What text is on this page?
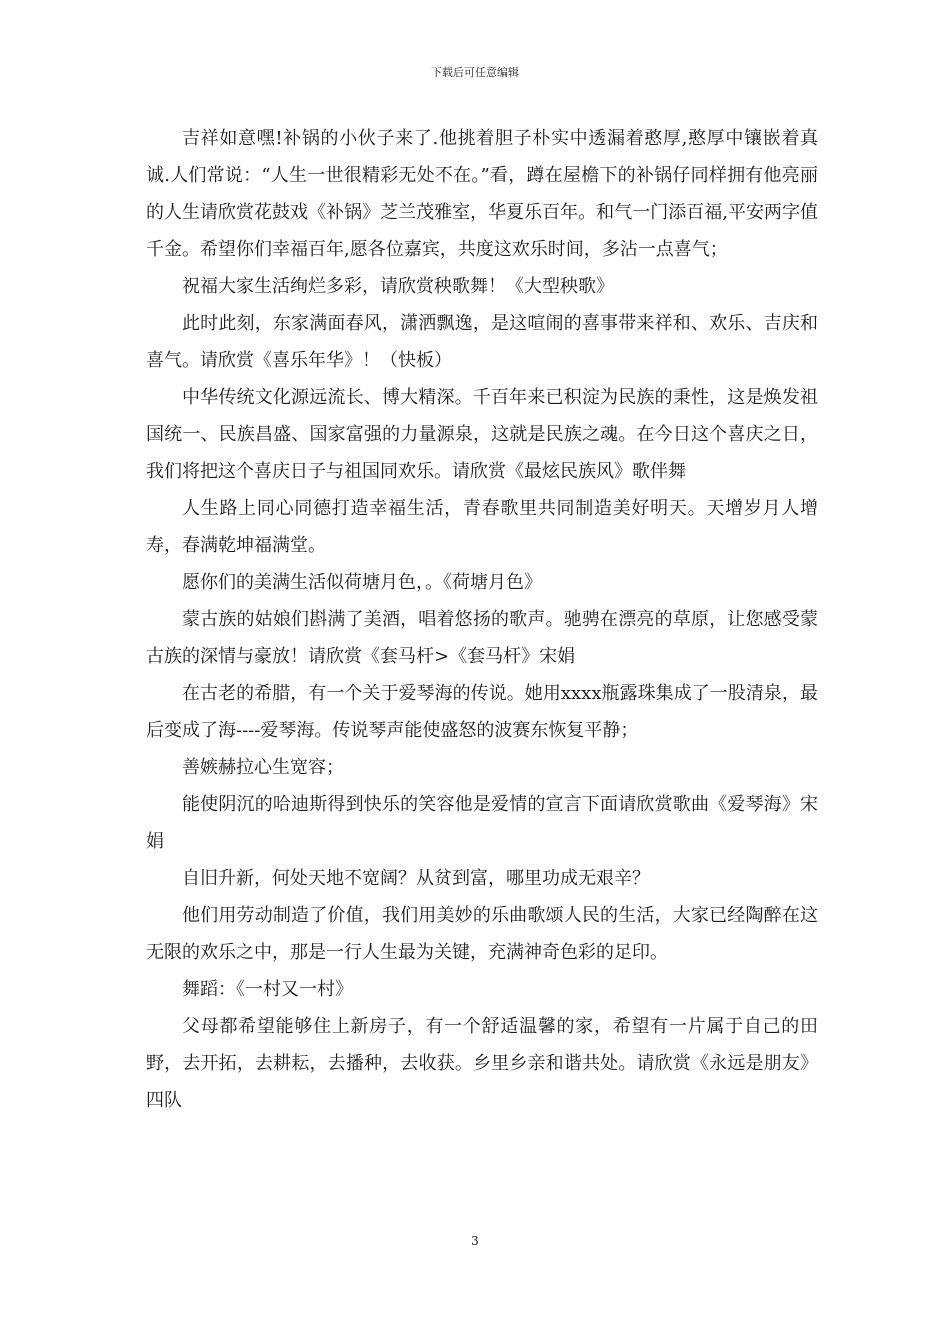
下载后可任意编辑

吉祥如意嘿!补锅的小伙子来了.他挑着胆子朴实中透漏着憨厚,憨厚中镶嵌着真诚.人们常说：“人生一世很精彩无处不在。”看，蹲在屋檐下的补锅仔同样拥有他亮丽的人生请欣赏花鼓戏《补锅》芝兰茂雅室，华夏乐百年。和气一门添百福,平安两字值千金。希望你们幸福百年,愿各位嘉宾，共度这欢乐时间，多沾一点喜气；

祝福大家生活绚烂多彩，请欣赏秧歌舞！《大型秧歌》

此时此刻，东家满面春风，潇洒飘逸，是这喧闹的喜事带来祥和、欢乐、吉庆和喜气。请欣赏《喜乐年华》！（快板）

中华传统文化源远流长、博大精深。千百年来已积淀为民族的秉性，这是焕发祖国统一、民族昌盛、国家富强的力量源泉，这就是民族之魂。在今日这个喜庆之日，我们将把这个喜庆日子与祖国同欢乐。请欣赏《最炫民族风》歌伴舞

人生路上同心同德打造幸福生活，青春歌里共同制造美好明天。天增岁月人增寿，春满乾坤福满堂。

愿你们的美满生活似荷塘月色，。《荷塘月色》

蒙古族的姑娘们斟满了美酒，唱着悠扬的歌声。驰骋在漂亮的草原，让您感受蒙古族的深情与豪放！请欣赏《套马杆>《套马杆》宋娟

在古老的希腊，有一个关于爱琴海的传说。她用xxxx瓶露珠集成了一股清泉，最后变成了海----爱琴海。传说琴声能使盛怒的波赛东恢复平静；

善嫉赫拉心生宽容；

能使阴沉的哈迪斯得到快乐的笑容他是爱情的宣言下面请欣赏歌曲《爱琴海》宋娟

自旧升新，何处天地不宽阔？从贫到富，哪里功成无艰辛？

他们用劳动制造了价值，我们用美妙的乐曲歌颂人民的生活，大家已经陶醉在这无限的欢乐之中，那是一行人生最为关键，充满神奇色彩的足印。

舞蹈：《一村又一村》

父母都希望能够住上新房子，有一个舒适温馨的家，希望有一片属于自己的田野，去开拓，去耕耘，去播种，去收获。乡里乡亲和谐共处。请欣赏《永远是朋友》四队

3
